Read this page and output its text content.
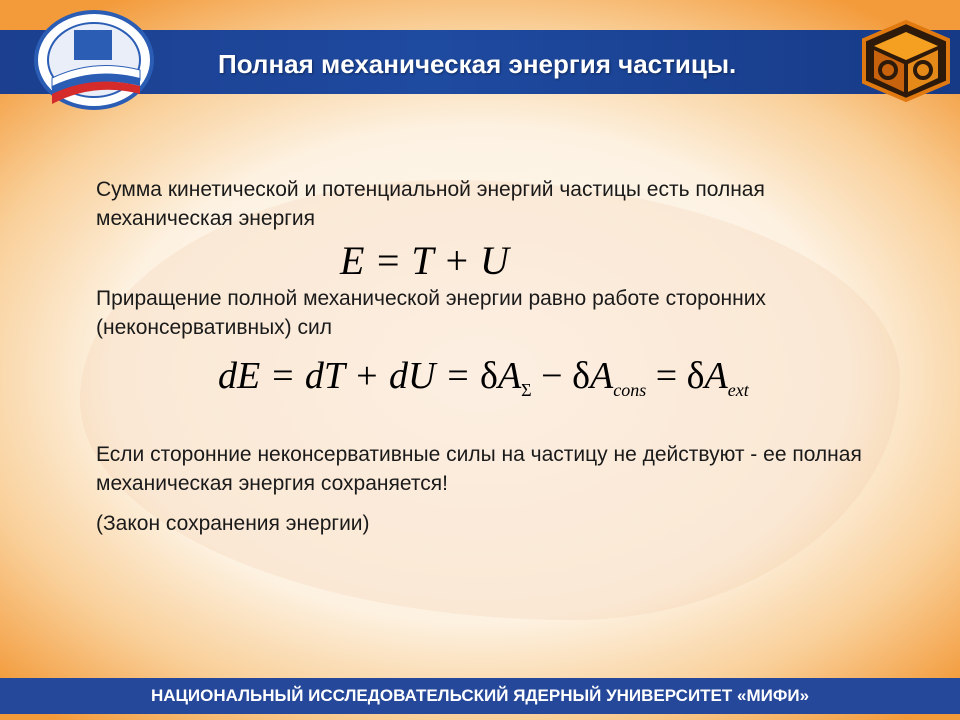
Полная механическая энергия частицы.
Сумма кинетической и потенциальной энергий частицы есть полная механическая энергия
E = T + U
Приращение полной механической энергии равно работе сторонних (неконсервативных) сил
dE = dT + dU = $\delta A_\Sigma - \delta A_{cons} = \delta A_{ext}$
Если сторонние неконсервативные силы на частицу не действуют - ее полная механическая энергия сохраняется!
(Закон сохранения энергии)
НАЦИОНАЛЬНЫЙ ИССЛЕДОВАТЕЛЬСКИЙ ЯДЕРНЫЙ УНИВЕРСИТЕТ «МИФИ»
